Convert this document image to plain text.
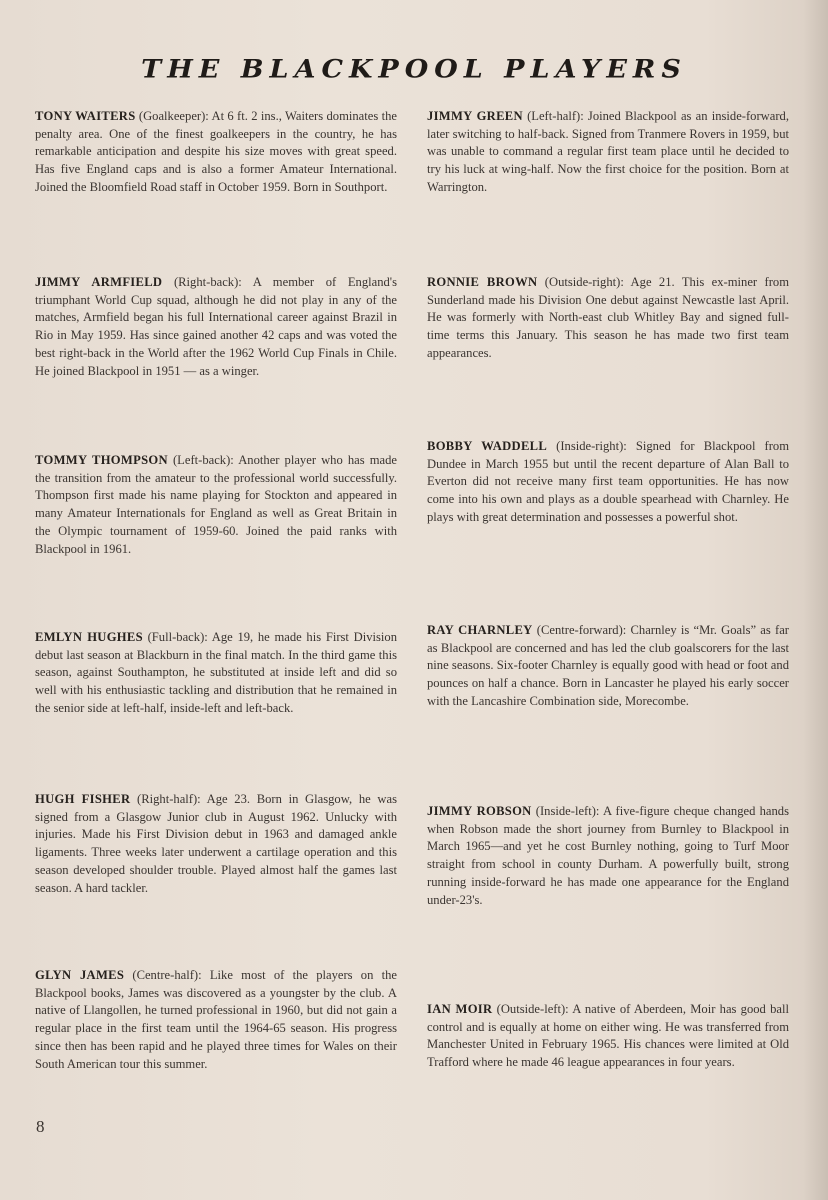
THE BLACKPOOL PLAYERS

TONY WAITERS (Goalkeeper): At 6 ft. 2 ins., Waiters dominates the penalty area. One of the finest goalkeepers in the country, he has remarkable anticipation and despite his size moves with great speed. Has five England caps and is also a former Amateur International. Joined the Bloomfield Road staff in October 1959. Born in Southport.

JIMMY ARMFIELD (Right-back): A member of England's triumphant World Cup squad, although he did not play in any of the matches, Armfield began his full International career against Brazil in Rio in May 1959. Has since gained another 42 caps and was voted the best right-back in the World after the 1962 World Cup Finals in Chile. He joined Blackpool in 1951 — as a winger.

TOMMY THOMPSON (Left-back): Another player who has made the transition from the amateur to the professional world successfully. Thompson first made his name playing for Stockton and appeared in many Amateur Internationals for England as well as Great Britain in the Olympic tournament of 1959-60. Joined the paid ranks with Blackpool in 1961.

EMLYN HUGHES (Full-back): Age 19, he made his First Division debut last season at Blackburn in the final match. In the third game this season, against Southampton, he substituted at inside left and did so well with his enthusiastic tackling and distribution that he remained in the senior side at left-half, inside-left and left-back.

HUGH FISHER (Right-half): Age 23. Born in Glasgow, he was signed from a Glasgow Junior club in August 1962. Unlucky with injuries. Made his First Division debut in 1963 and damaged ankle ligaments. Three weeks later underwent a cartilage operation and this season developed shoulder trouble. Played almost half the games last season. A hard tackler.

GLYN JAMES (Centre-half): Like most of the players on the Blackpool books, James was discovered as a youngster by the club. A native of Llangollen, he turned professional in 1960, but did not gain a regular place in the first team until the 1964-65 season. His progress since then has been rapid and he played three times for Wales on their South American tour this summer.

JIMMY GREEN (Left-half): Joined Blackpool as an inside-forward, later switching to half-back. Signed from Tranmere Rovers in 1959, but was unable to command a regular first team place until he decided to try his luck at wing-half. Now the first choice for the position. Born at Warrington.

RONNIE BROWN (Outside-right): Age 21. This ex-miner from Sunderland made his Division One debut against Newcastle last April. He was formerly with North-east club Whitley Bay and signed full-time terms this January. This season he has made two first team appearances.

BOBBY WADDELL (Inside-right): Signed for Blackpool from Dundee in March 1955 but until the recent departure of Alan Ball to Everton did not receive many first team opportunities. He has now come into his own and plays as a double spearhead with Charnley. He plays with great determination and possesses a powerful shot.

RAY CHARNLEY (Centre-forward): Charnley is “Mr. Goals” as far as Blackpool are concerned and has led the club goalscorers for the last nine seasons. Six-footer Charnley is equally good with head or foot and pounces on half a chance. Born in Lancaster he played his early soccer with the Lancashire Combination side, Morecombe.

JIMMY ROBSON (Inside-left): A five-figure cheque changed hands when Robson made the short journey from Burnley to Blackpool in March 1965—and yet he cost Burnley nothing, going to Turf Moor straight from school in county Durham. A powerfully built, strong running inside-forward he has made one appearance for the England under-23's.

IAN MOIR (Outside-left): A native of Aberdeen, Moir has good ball control and is equally at home on either wing. He was transferred from Manchester United in February 1965. His chances were limited at Old Trafford where he made 46 league appearances in four years.

8
